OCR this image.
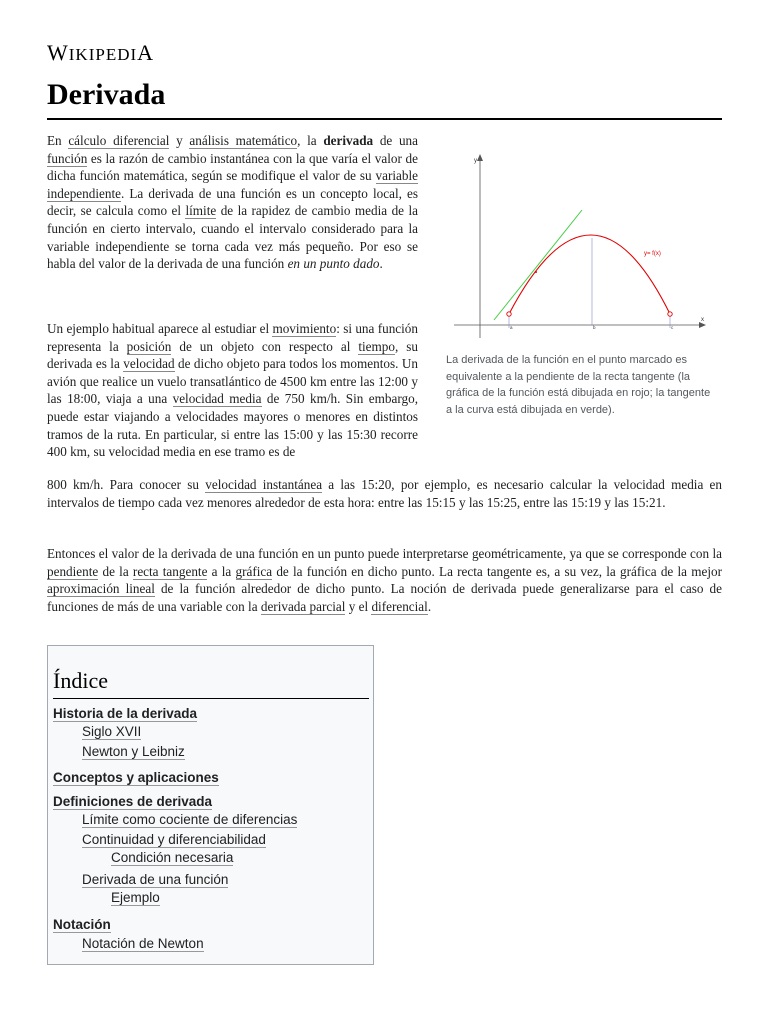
WIKIPEDIA
Derivada
En cálculo diferencial y análisis matemático, la derivada de una función es la razón de cambio instantánea con la que varía el valor de dicha función matemática, según se modifique el valor de su variable independiente. La derivada de una función es un concepto local, es decir, se calcula como el límite de la rapidez de cambio media de la función en cierto intervalo, cuando el intervalo considerado para la variable independiente se torna cada vez más pequeño. Por eso se habla del valor de la derivada de una función en un punto dado.
Un ejemplo habitual aparece al estudiar el movimiento: si una función representa la posición de un objeto con respecto al tiempo, su derivada es la velocidad de dicho objeto para todos los momentos. Un avión que realice un vuelo transatlántico de 4500 km entre las 12:00 y las 18:00, viaja a una velocidad media de 750 km/h. Sin embargo, puede estar viajando a velocidades mayores o menores en distintos tramos de la ruta. En particular, si entre las 15:00 y las 15:30 recorre 400 km, su velocidad media en ese tramo es de
800 km/h. Para conocer su velocidad instantánea a las 15:20, por ejemplo, es necesario calcular la velocidad media en intervalos de tiempo cada vez menores alrededor de esta hora: entre las 15:15 y las 15:25, entre las 15:19 y las 15:21.
Entonces el valor de la derivada de una función en un punto puede interpretarse geométricamente, ya que se corresponde con la pendiente de la recta tangente a la gráfica de la función en dicho punto. La recta tangente es, a su vez, la gráfica de la mejor aproximación lineal de la función alrededor de dicho punto. La noción de derivada puede generalizarse para el caso de funciones de más de una variable con la derivada parcial y el diferencial.
y
x
y= f(x)
a	b	c
La derivada de la función en el punto marcado es equivalente a la pendiente de la recta tangente (la gráfica de la función está dibujada en rojo; la tangente a la curva está dibujada en verde).
Índice
Historia de la derivada
Siglo XVII
Newton y Leibniz
Conceptos y aplicaciones
Definiciones de derivada
Límite como cociente de diferencias
Continuidad y diferenciabilidad
Condición necesaria
Derivada de una función
Ejemplo
Notación
Notación de Newton
